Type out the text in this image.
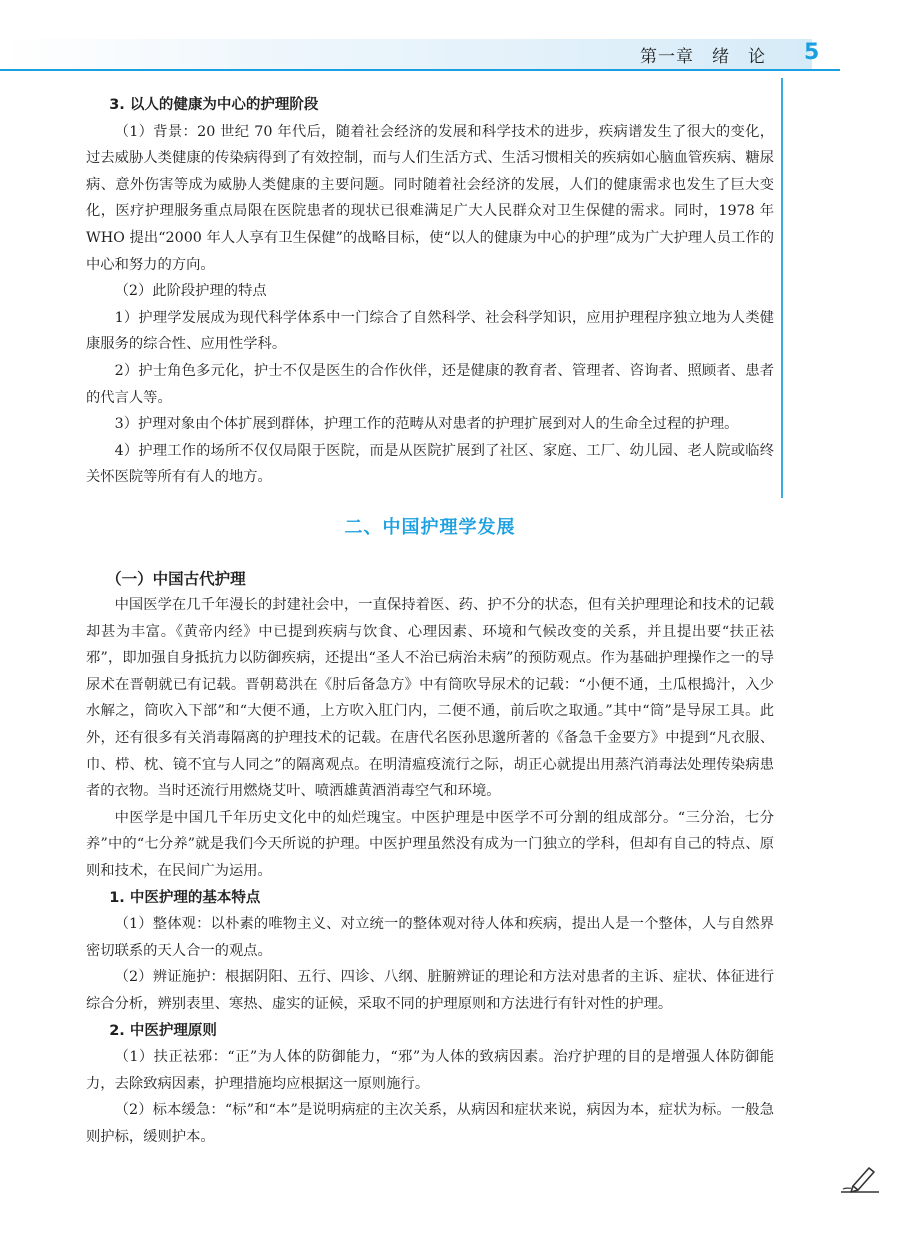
第一章　绪　论	5
3. 以人的健康为中心的护理阶段

（1）背景：20 世纪 70 年代后，随着社会经济的发展和科学技术的进步，疾病谱发生了很大的变化，过去威胁人类健康的传染病得到了有效控制，而与人们生活方式、生活习惯相关的疾病如心脑血管疾病、糖尿病、意外伤害等成为威胁人类健康的主要问题。同时随着社会经济的发展，人们的健康需求也发生了巨大变化，医疗护理服务重点局限在医院患者的现状已很难满足广大人民群众对卫生保健的需求。同时，1978 年 WHO 提出“2000 年人人享有卫生保健”的战略目标，使“以人的健康为中心的护理”成为广大护理人员工作的中心和努力的方向。

（2）此阶段护理的特点

1）护理学发展成为现代科学体系中一门综合了自然科学、社会科学知识，应用护理程序独立地为人类健康服务的综合性、应用性学科。

2）护士角色多元化，护士不仅是医生的合作伙伴，还是健康的教育者、管理者、咨询者、照顾者、患者的代言人等。

3）护理对象由个体扩展到群体，护理工作的范畴从对患者的护理扩展到对人的生命全过程的护理。

4）护理工作的场所不仅仅局限于医院，而是从医院扩展到了社区、家庭、工厂、幼儿园、老人院或临终关怀医院等所有有人的地方。

二、中国护理学发展
（一）中国古代护理

中国医学在几千年漫长的封建社会中，一直保持着医、药、护不分的状态，但有关护理理论和技术的记载却甚为丰富。《黄帝内经》中已提到疾病与饮食、心理因素、环境和气候改变的关系，并且提出要“扶正祛邪”，即加强自身抵抗力以防御疾病，还提出“圣人不治已病治未病”的预防观点。作为基础护理操作之一的导尿术在晋朝就已有记载。晋朝葛洪在《肘后备急方》中有筒吹导尿术的记载：“小便不通，土瓜根捣汁，入少水解之，筒吹入下部”和“大便不通，上方吹入肛门内，二便不通，前后吹之取通。”其中“筒”是导尿工具。此外，还有很多有关消毒隔离的护理技术的记载。在唐代名医孙思邈所著的《备急千金要方》中提到“凡衣服、巾、栉、枕、镜不宜与人同之”的隔离观点。在明清瘟疫流行之际，胡正心就提出用蒸汽消毒法处理传染病患者的衣物。当时还流行用燃烧艾叶、喷洒雄黄酒消毒空气和环境。

中医学是中国几千年历史文化中的灿烂瑰宝。中医护理是中医学不可分割的组成部分。“三分治，七分养”中的“七分养”就是我们今天所说的护理。中医护理虽然没有成为一门独立的学科，但却有自己的特点、原则和技术，在民间广为运用。

1. 中医护理的基本特点

（1）整体观：以朴素的唯物主义、对立统一的整体观对待人体和疾病，提出人是一个整体，人与自然界密切联系的天人合一的观点。

（2）辨证施护：根据阴阳、五行、四诊、八纲、脏腑辨证的理论和方法对患者的主诉、症状、体征进行综合分析，辨别表里、寒热、虚实的证候，采取不同的护理原则和方法进行有针对性的护理。

2. 中医护理原则

（1）扶正祛邪：“正”为人体的防御能力，“邪”为人体的致病因素。治疗护理的目的是增强人体防御能力，去除致病因素，护理措施均应根据这一原则施行。

（2）标本缓急：“标”和“本”是说明病症的主次关系，从病因和症状来说，病因为本，症状为标。一般急则护标，缓则护本。
